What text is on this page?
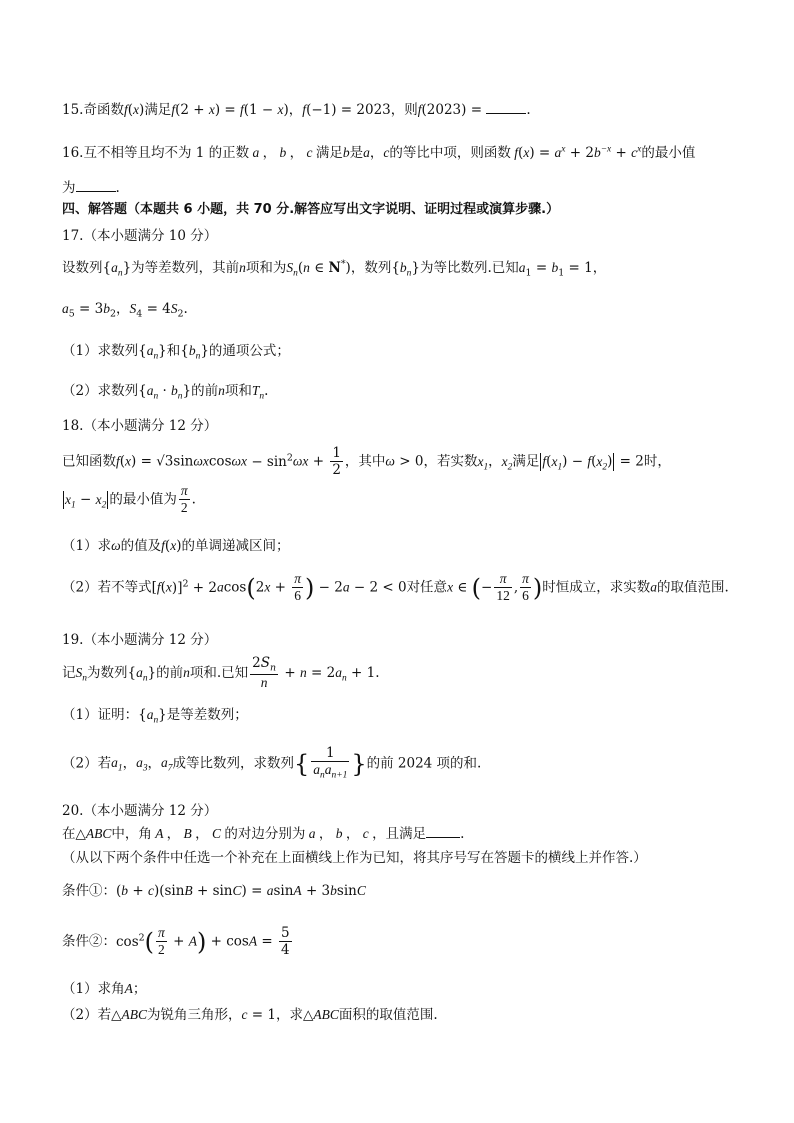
15.奇函数f(x)满足f(2 + x) = f(1 − x)，f(−1) = 2023，则f(2023) =	.
16.互不相等且均不为 1 的正数 a ， b ， c 满足b是a，c的等比中项，则函数 $f(x) = a^x + 2b^{-x} + c^x$的最小值
为	.
四、解答题（本题共 6 小题，共 70 分.解答应写出文字说明、证明过程或演算步骤.）
17.（本小题满分 10 分）
设数列$\{a_n\}$为等差数列，其前n项和为$S_n(n$ ∈ N*)，数列$\{b_n\}$为等比数列.已知$a_1 = b_1 = 1$，
$a_5 = 3b_2$，$S_4 = 4S_2$.
（1）求数列$\{a_n\}$和$\{b_n\}$的通项公式；
（2）求数列$\{a_n \cdot b_n\}$的前n项和$T_n$.
18.（本小题满分 12 分）
已知函数$f(x) = √3\sin\omega xcos\omega x - \sin^2\omega x + \frac{1}{2}$ ，其中ω > 0，若实数$x_1$，$x_2$满足 $f(x_1) - f(x_2) = 2$时，
$x_1 - x_2$ 的最小值为 $\frac{\pi}{2}$ .
（1）求ω的值及f(x)的单调递减区间；
（2）若不等式$[f(x)]^2 + 2acos(2x + \frac{\pi}{6}$ ) − 2a − 2 < 0对任意x ∈ (− $\frac{\pi}{12}$ , $\frac{\pi}{6}$ )时恒成立，求实数a的取值范围.
19.（本小题满分 12 分）
记$S_n$为数列$\{a_n\}$的前n项和.已知 $\frac{2S_n}{n} + n = 2a_n + 1$.
（1）证明：$\{a_n\}$是等差数列；
（2）若$a_1$，$a_3$，$a_7$成等比数列，求数列{ $\frac{1}{a_na_{n+1}}$ }的前 2024 项的和.
20.（本小题满分 12 分）
在△ABC中，角 A ， B ， C 的对边分别为 a ， b ， c ，且满足	.
（从以下两个条件中任选一个补充在上面横线上作为已知，将其序号写在答题卡的横线上并作答.）
条件①：(b + c)(sinB + sinC) = asinA + 3bsinC
条件②：$\cos^2( \frac{\pi}{2} + A) + \cos A = \frac{5}{4}$
（1）求角A；
（2）若△ABC为锐角三角形，c = 1，求△ABC面积的取值范围.
